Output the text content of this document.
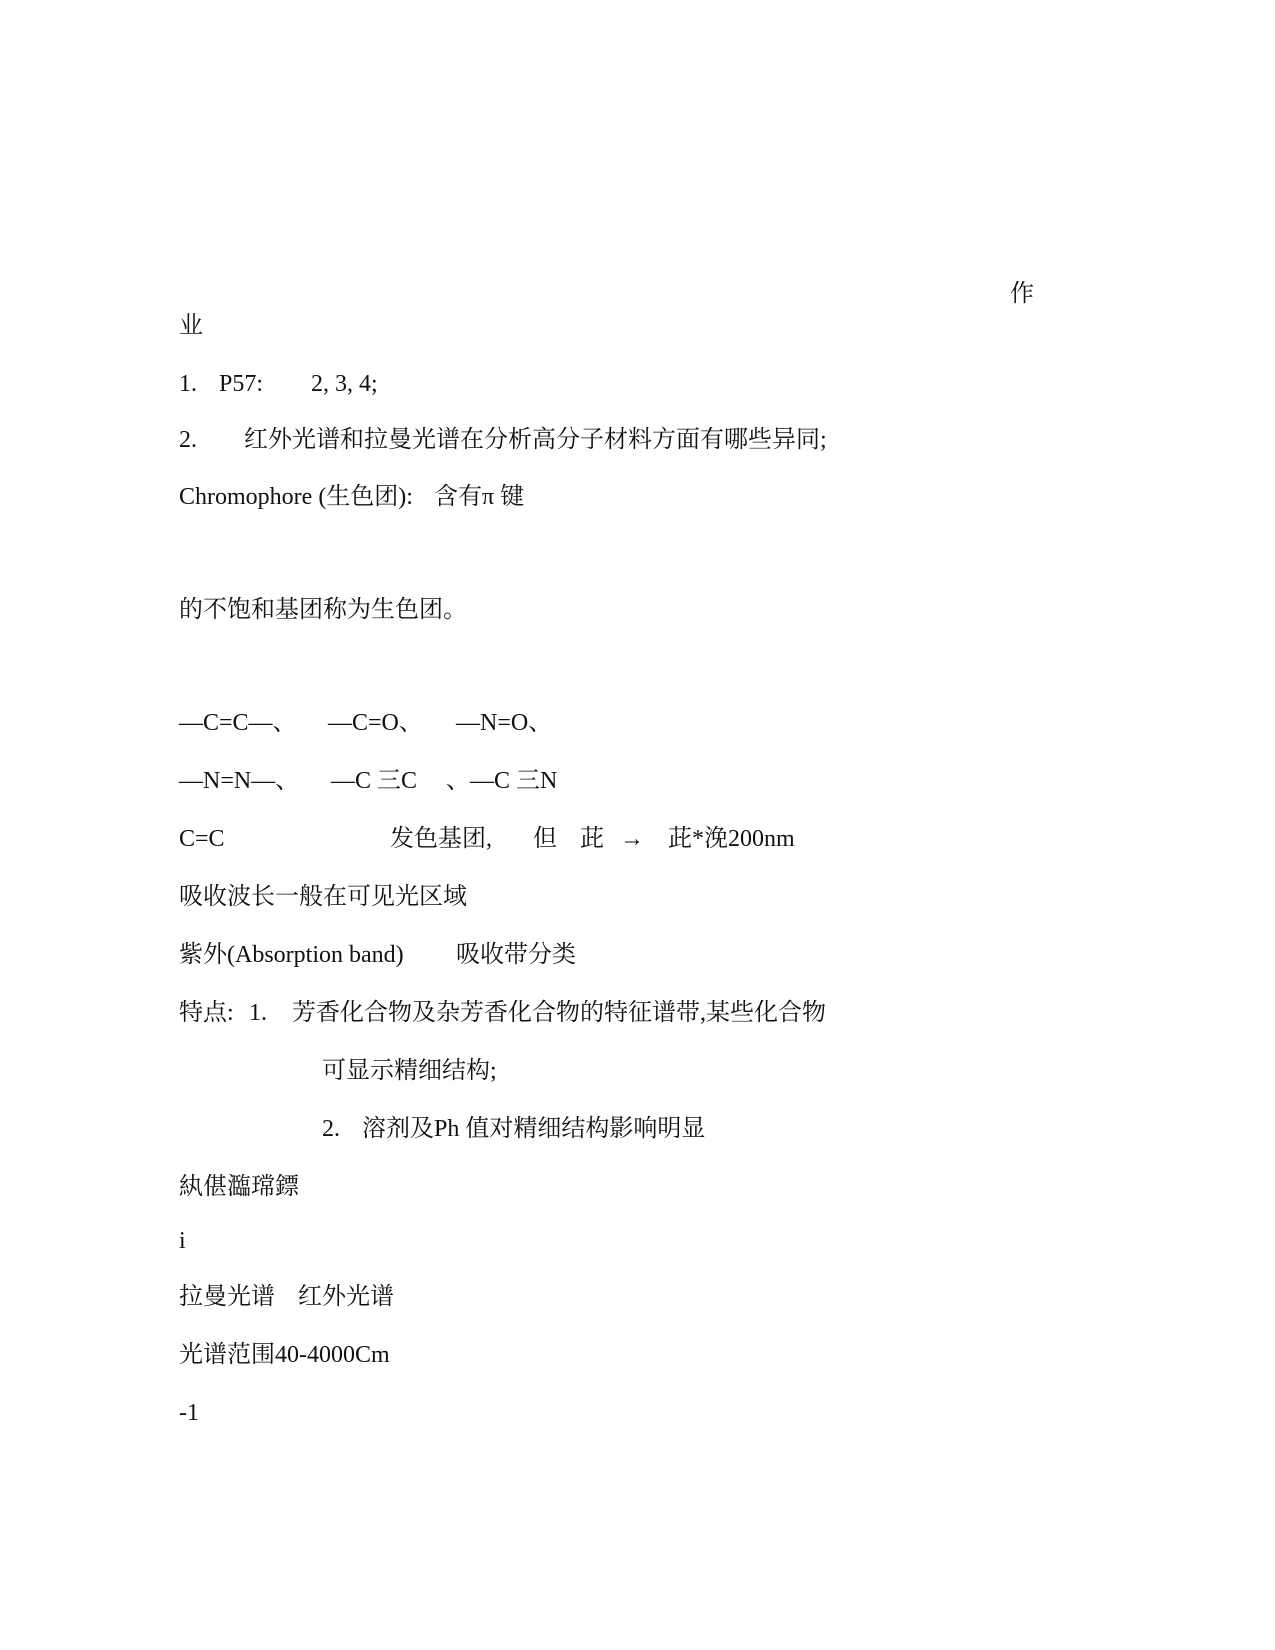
作
业
1. P57: 2, 3, 4;
2. 红外光谱和拉曼光谱在分析高分子材料方面有哪些异同;
Chromophore (生色团): 含有π 键
的不饱和基团称为生色团。
—C=C—、 —C=O、 —N=O、
—N=N—、 —C 三C 、—C 三N
C=C	发色基团, 但 茈 → 茈*浼200nm
吸收波长一般在可见光区域
紫外(Absorption band) 吸收带分类
特点: 1. 芳香化合物及杂芳香化合物的特征谱带,某些化合物
可显示精细结构;
2. 溶剂及Ph 值对精细结构影响明显
紈偡瀶瑺鏢
i
拉曼光谱 红外光谱
光谱范围40-4000Cm
-1
